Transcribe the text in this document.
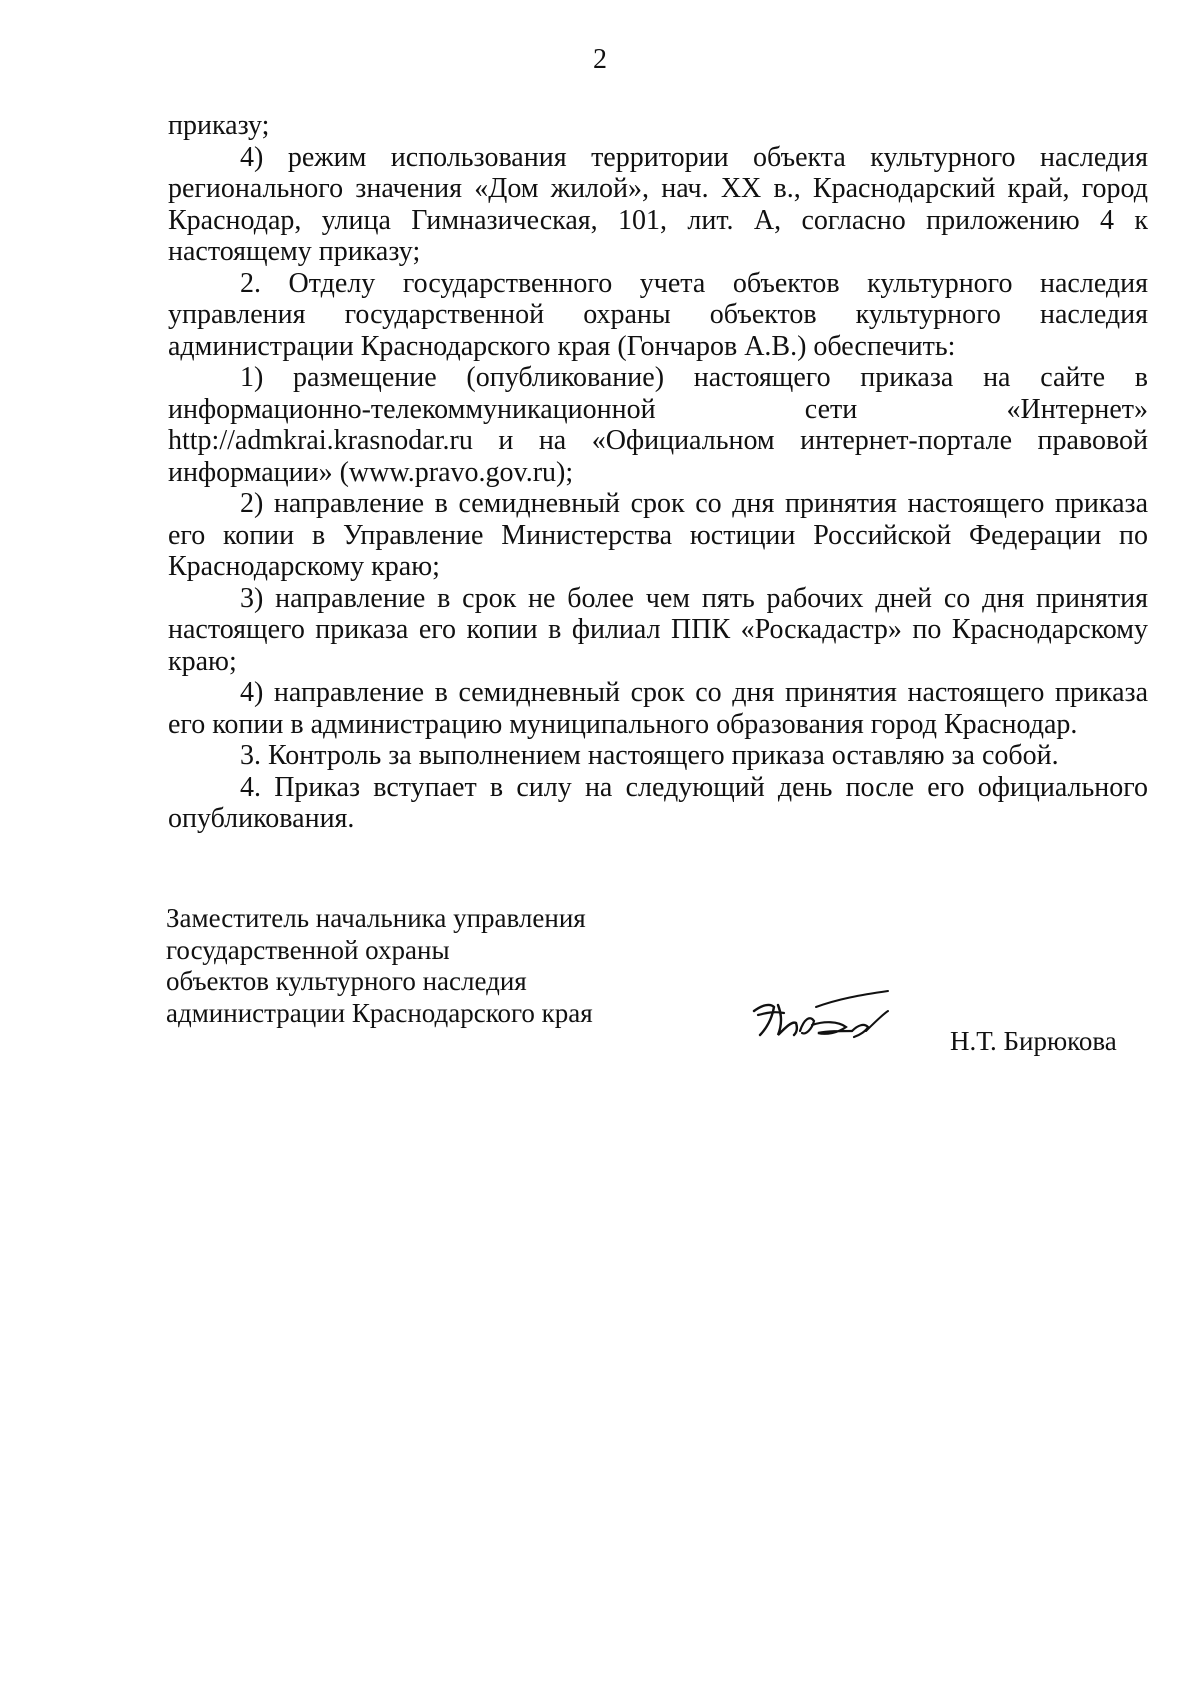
2

приказу;

4) режим использования территории объекта культурного наследия регионального значения «Дом жилой», нач. XX в., Краснодарский край, город Краснодар, улица Гимназическая, 101, лит. А, согласно приложению 4 к настоящему приказу;

2. Отделу государственного учета объектов культурного наследия управления государственной охраны объектов культурного наследия администрации Краснодарского края (Гончаров А.В.) обеспечить:

1) размещение (опубликование) настоящего приказа на сайте в информационно-телекоммуникационной сети «Интернет» http://admkrai.krasnodar.ru и на «Официальном интернет-портале правовой информации» (www.pravo.gov.ru);

2) направление в семидневный срок со дня принятия настоящего приказа его копии в Управление Министерства юстиции Российской Федерации по Краснодарскому краю;

3) направление в срок не более чем пять рабочих дней со дня принятия настоящего приказа его копии в филиал ППК «Роскадастр» по Краснодарскому краю;

4) направление в семидневный срок со дня принятия настоящего приказа его копии в администрацию муниципального образования город Краснодар.

3. Контроль за выполнением настоящего приказа оставляю за собой.

4. Приказ вступает в силу на следующий день после его официального опубликования.

Заместитель начальника управления
государственной охраны
объектов культурного наследия
администрации Краснодарского края
Н.Т. Бирюкова
